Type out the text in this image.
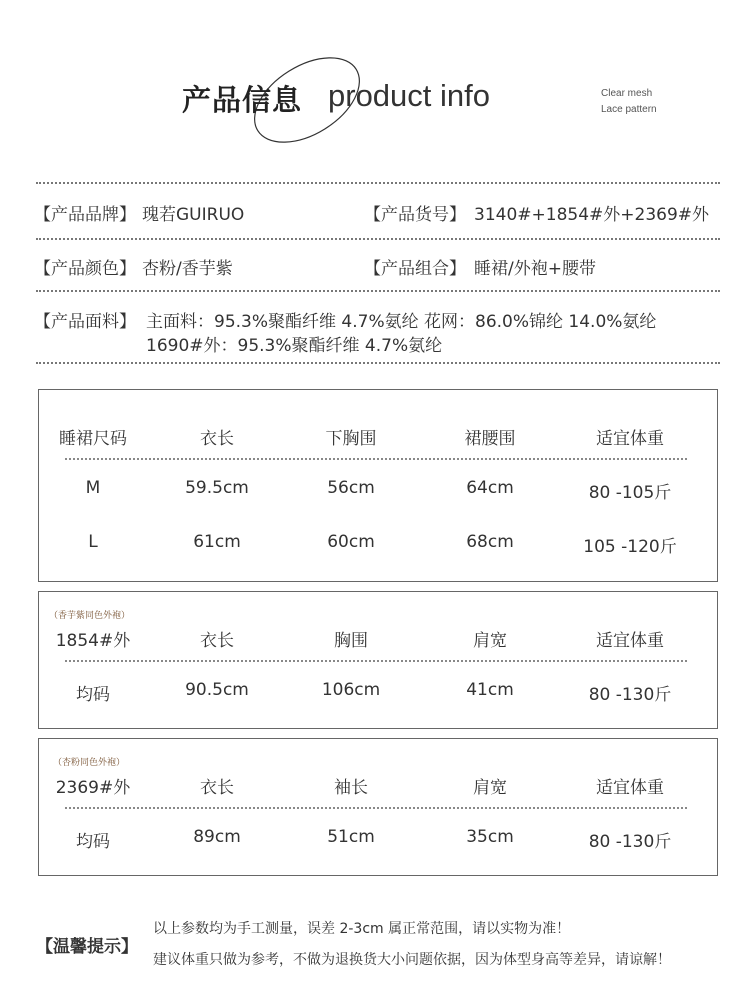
产品信息 product info	Clear mesh
Lace pattern
【产品品牌】 瑰若GUIRUO	【产品货号】 3140#+1854#外+2369#外
【产品颜色】 杏粉/香芋紫	【产品组合】 睡裙/外袍+腰带
【产品面料】 主面料：95.3%聚酯纤维 4.7%氨纶 花网：86.0%锦纶 14.0%氨纶
1690#外：95.3%聚酯纤维 4.7%氨纶
睡裙尺码	衣长	下胸围	裙腰围	适宜体重
M	59.5cm	56cm	64cm	80 -105斤
L	61cm	60cm	68cm	105 -120斤
（香芋紫同色外袍）
1854#外	衣长	胸围	肩宽	适宜体重
均码	90.5cm	106cm	41cm	80 -130斤
（杏粉同色外袍）
2369#外	衣长	袖长	肩宽	适宜体重
均码	89cm	51cm	35cm	80 -130斤
【温馨提示】
以上参数均为手工测量，误差 2-3cm 属正常范围，请以实物为准！
建议体重只做为参考，不做为退换货大小问题依据，因为体型身高等差异，请谅解！
